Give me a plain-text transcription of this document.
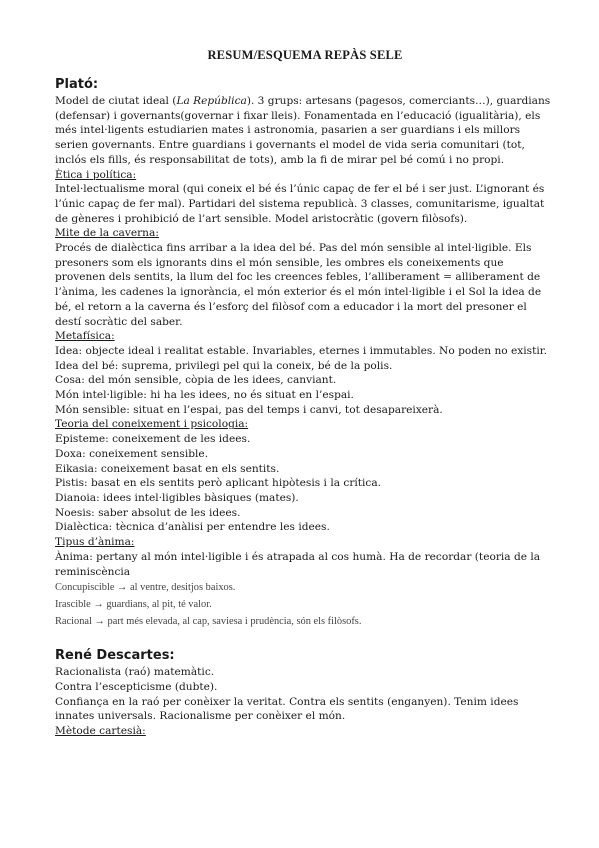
RESUM/ESQUEMA REPÀS SELE
Plató:

Model de ciutat ideal (La República). 3 grups: artesans (pagesos, comerciants…), guardians (defensar) i governants(governar i fixar lleis). Fonamentada en l’educació (igualitària), els més intel·ligents estudiarien mates i astronomia, pasarien a ser guardians i els millors serien governants. Entre guardians i governants el model de vida seria comunitari (tot, inclós els fills, és responsabilitat de tots), amb la fi de mirar pel bé comú i no propi.

Ètica i política:

Intel·lectualisme moral (qui coneix el bé és l’únic capaç de fer el bé i ser just. L’ignorant és l’únic capaç de fer mal). Partidari del sistema republicà. 3 classes, comunitarisme, igualtat de gèneres i prohibició de l’art sensible. Model aristocràtic (govern filòsofs).

Mite de la caverna:

Procés de dialèctica fins arribar a la idea del bé. Pas del món sensible al intel·ligible. Els presoners som els ignorants dins el món sensible, les ombres els coneixements que provenen dels sentits, la llum del foc les creences febles, l’alliberament = alliberament de l’ànima, les cadenes la ignorància, el món exterior és el món intel·ligible i el Sol la idea de bé, el retorn a la caverna és l’esforç del filòsof com a educador i la mort del presoner el destí socràtic del saber.

Metafísica:

Idea: objecte ideal i realitat estable. Invariables, eternes i immutables. No poden no existir.

Idea del bé: suprema, privilegi pel qui la coneix, bé de la polis.

Cosa: del món sensible, còpia de les idees, canviant.

Món intel·ligible: hi ha les idees, no és situat en l’espai.

Món sensible: situat en l’espai, pas del temps i canvi, tot desapareixerà.

Teoria del coneixement i psicologia:

Episteme: coneixement de les idees.

Doxa: coneixement sensible.

Eikasia: coneixement basat en els sentits.

Pistis: basat en els sentits però aplicant hipòtesis i la crítica.

Dianoia: idees intel·ligibles bàsiques (mates).

Noesis: saber absolut de les idees.

Dialèctica: tècnica d’anàlisi per entendre les idees.

Tipus d’ànima:

Ànima: pertany al món intel·ligible i és atrapada al cos humà. Ha de recordar (teoria de la reminiscència

Concupiscible → al ventre, desitjos baixos.
Irascible → guardians, al pit, té valor.
Racional → part més elevada, al cap, saviesa i prudència, són els filòsofs.
René Descartes:

Racionalista (raó) matemàtic.

Contra l’escepticisme (dubte).

Confiança en la raó per conèixer la veritat. Contra els sentits (enganyen). Tenim idees innates universals. Racionalisme per conèixer el món.

Mètode cartesià:
